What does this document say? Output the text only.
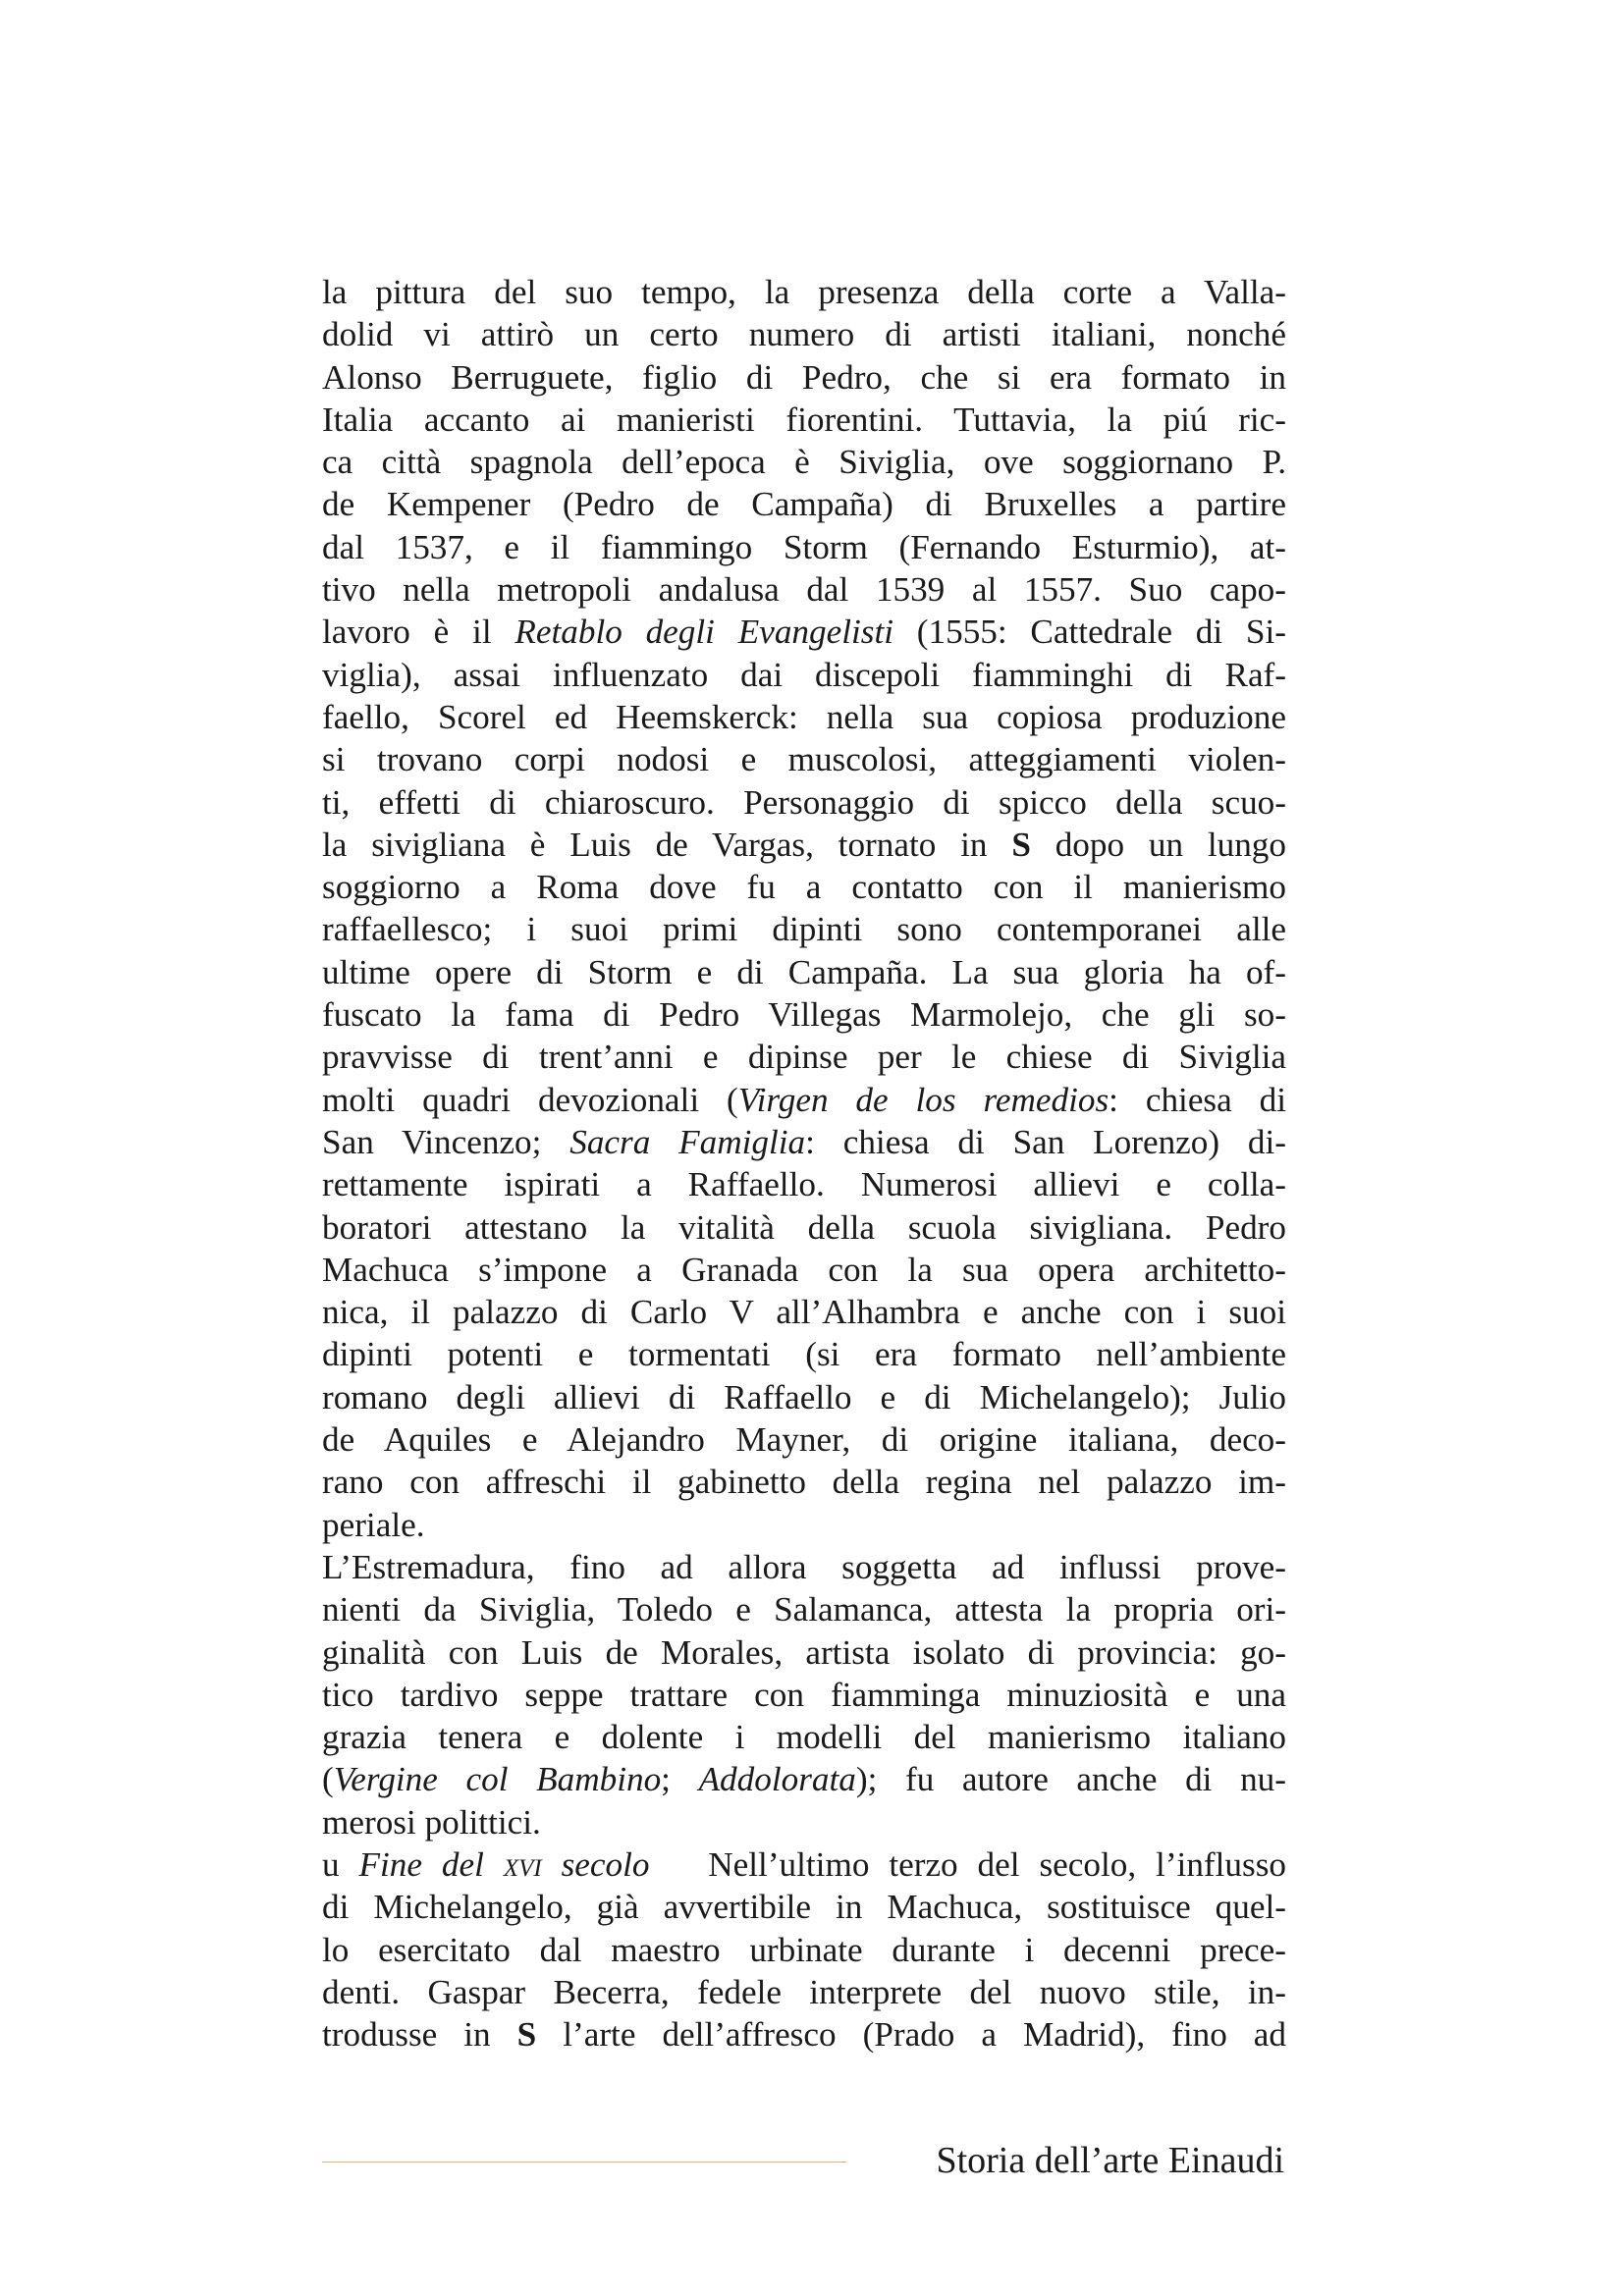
la pittura del suo tempo, la presenza della corte a Valla-
dolid vi attirò un certo numero di artisti italiani, nonché
Alonso Berruguete, figlio di Pedro, che si era formato in
Italia accanto ai manieristi fiorentini. Tuttavia, la piú ric-
ca città spagnola dell’epoca è Siviglia, ove soggiornano P.
de Kempener (Pedro de Campaña) di Bruxelles a partire
dal 1537, e il fiammingo Storm (Fernando Esturmio), at-
tivo nella metropoli andalusa dal 1539 al 1557. Suo capo-
lavoro è il Retablo degli Evangelisti (1555: Cattedrale di Si-
viglia), assai influenzato dai discepoli fiamminghi di Raf-
faello, Scorel ed Heemskerck: nella sua copiosa produzione
si trovano corpi nodosi e muscolosi, atteggiamenti violen-
ti, effetti di chiaroscuro. Personaggio di spicco della scuo-
la sivigliana è Luis de Vargas, tornato in S dopo un lungo
soggiorno a Roma dove fu a contatto con il manierismo
raffaellesco; i suoi primi dipinti sono contemporanei alle
ultime opere di Storm e di Campaña. La sua gloria ha of-
fuscato la fama di Pedro Villegas Marmolejo, che gli so-
pravvisse di trent’anni e dipinse per le chiese di Siviglia
molti quadri devozionali (Virgen de los remedios: chiesa di
San Vincenzo; Sacra Famiglia: chiesa di San Lorenzo) di-
rettamente ispirati a Raffaello. Numerosi allievi e colla-
boratori attestano la vitalità della scuola sivigliana. Pedro
Machuca s’impone a Granada con la sua opera architetto-
nica, il palazzo di Carlo V all’Alhambra e anche con i suoi
dipinti potenti e tormentati (si era formato nell’ambiente
romano degli allievi di Raffaello e di Michelangelo); Julio
de Aquiles e Alejandro Mayner, di origine italiana, deco-
rano con affreschi il gabinetto della regina nel palazzo im-
periale.
L’Estremadura, fino ad allora soggetta ad influssi prove-
nienti da Siviglia, Toledo e Salamanca, attesta la propria ori-
ginalità con Luis de Morales, artista isolato di provincia: go-
tico tardivo seppe trattare con fiamminga minuziosità e una
grazia tenera e dolente i modelli del manierismo italiano
(Vergine col Bambino; Addolorata); fu autore anche di nu-
merosi polittici.
u Fine del xvi secolo   Nell’ultimo terzo del secolo, l’influsso
di Michelangelo, già avvertibile in Machuca, sostituisce quel-
lo esercitato dal maestro urbinate durante i decenni prece-
denti. Gaspar Becerra, fedele interprete del nuovo stile, in-
trodusse in S l’arte dell’affresco (Prado a Madrid), fino ad
Storia dell’arte Einaudi
